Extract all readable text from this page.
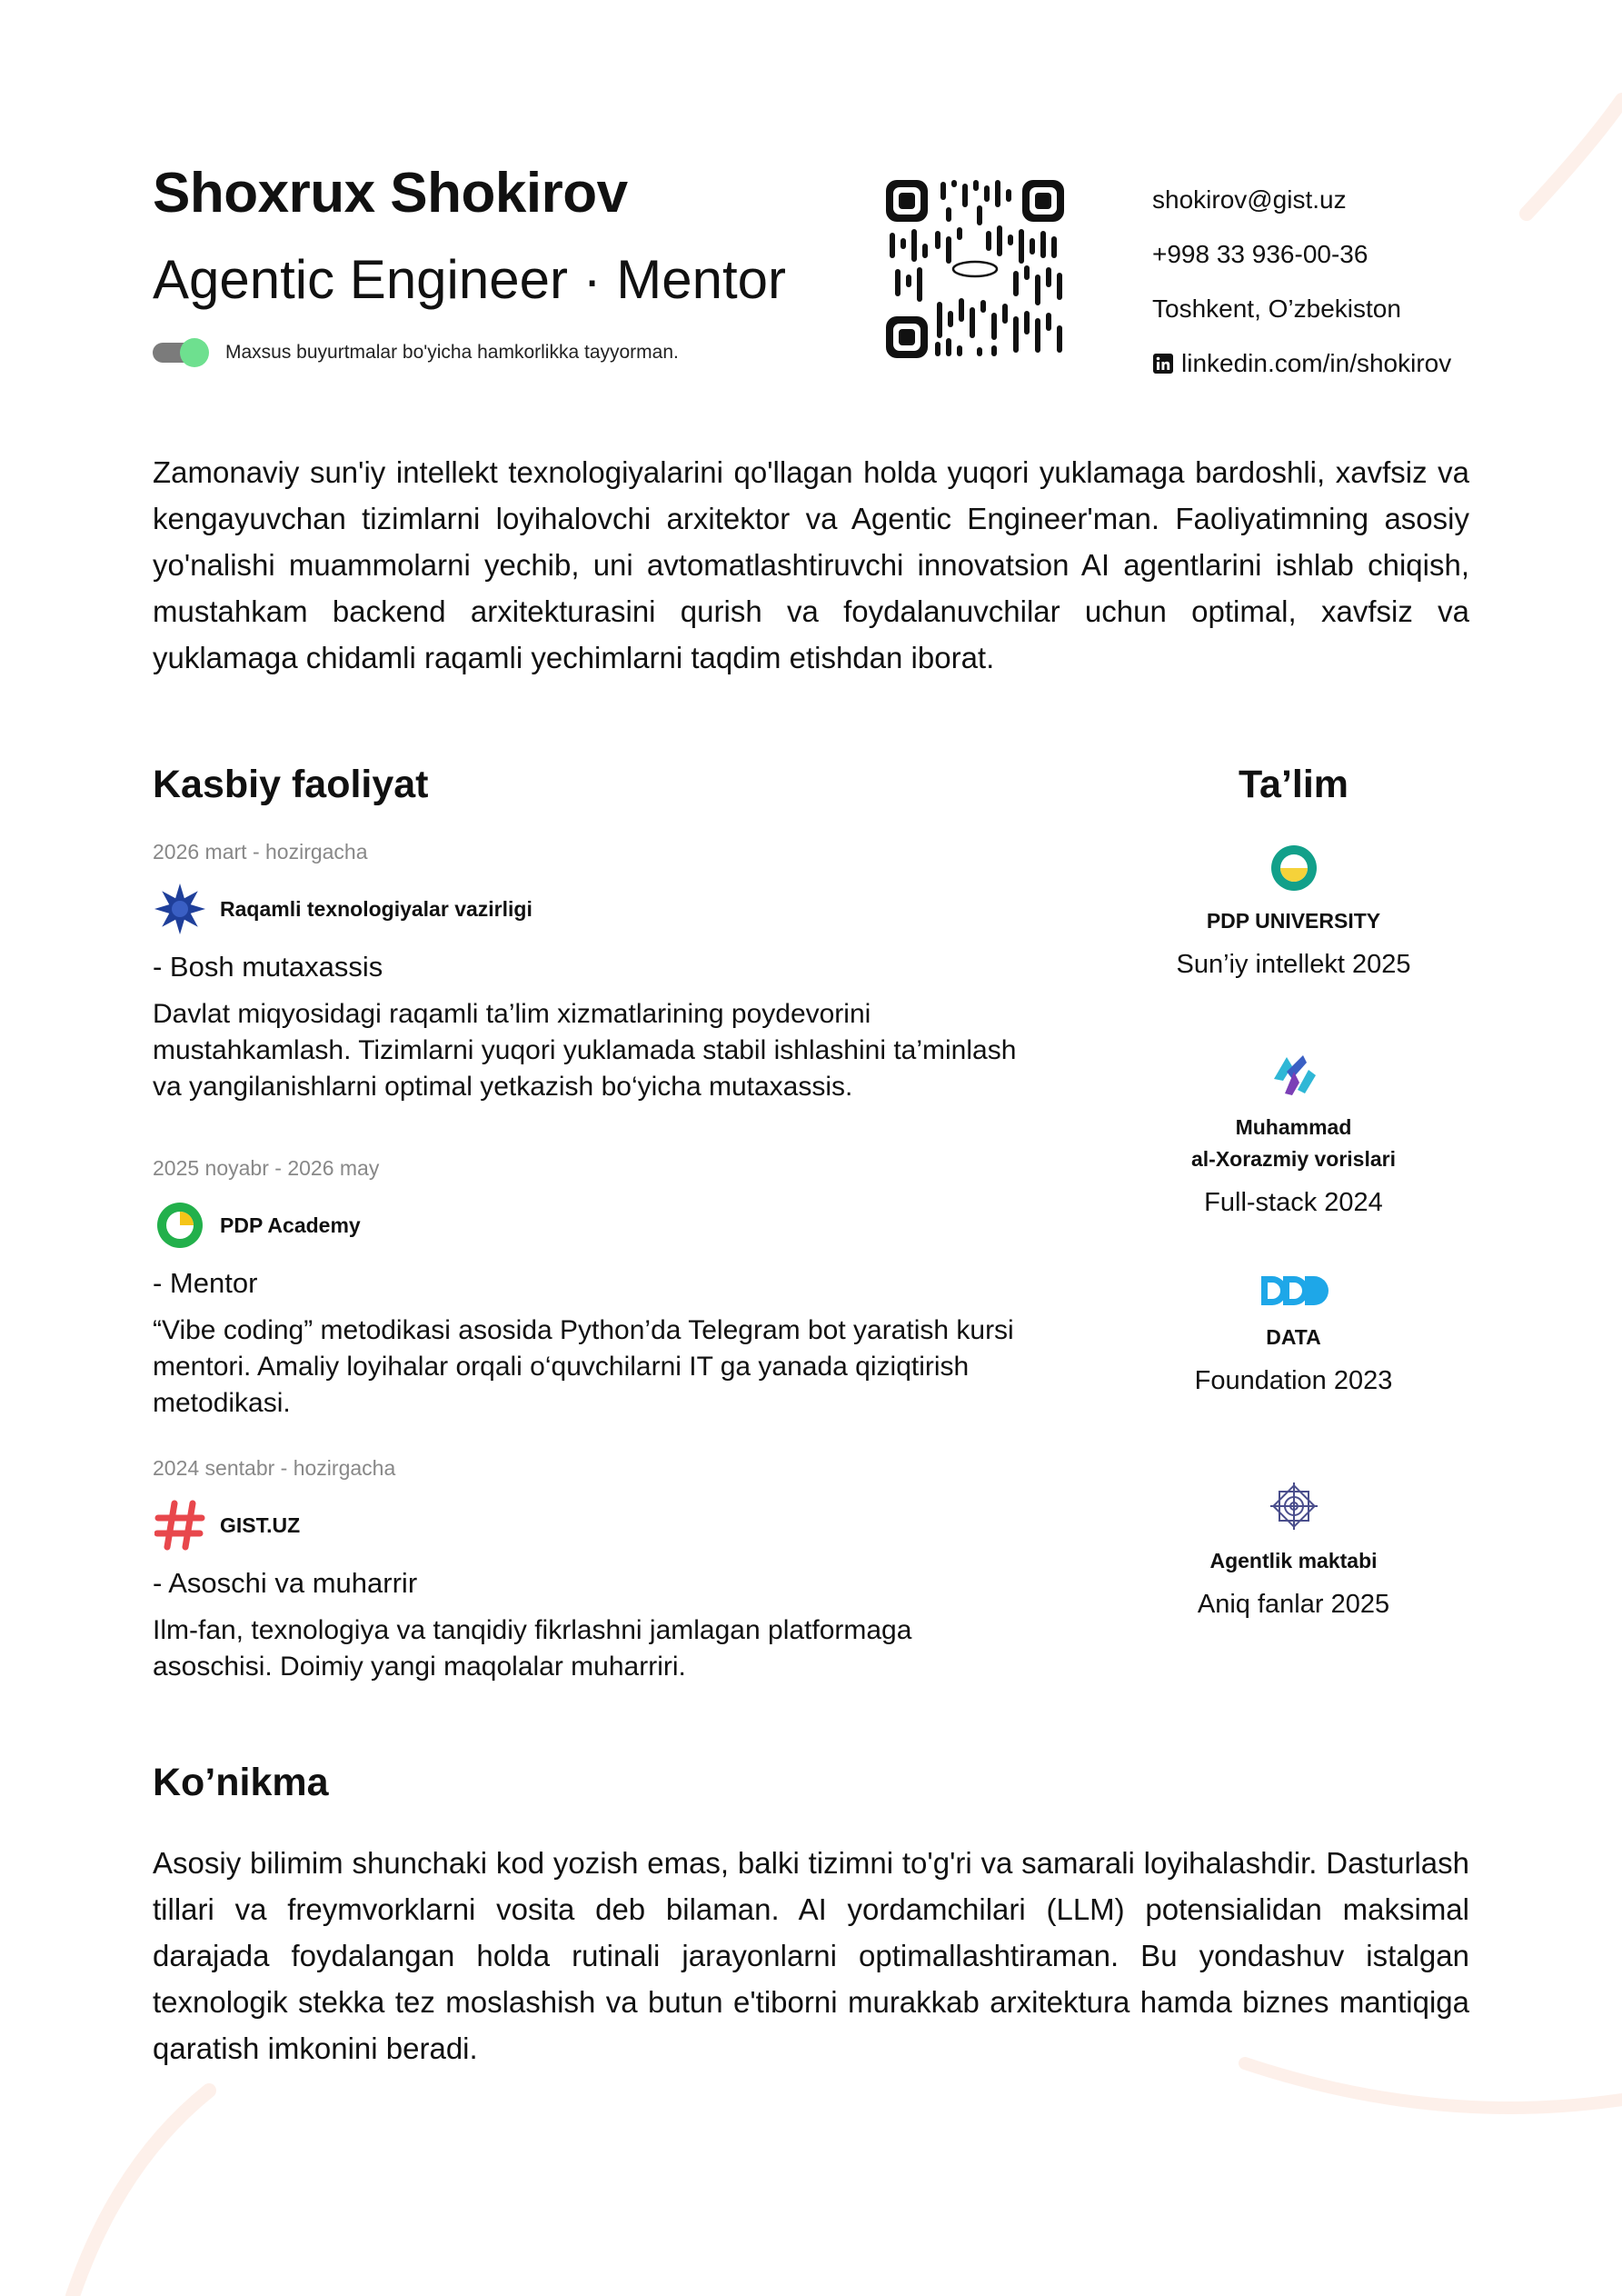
Shoxrux Shokirov
Agentic Engineer · Mentor
Maxsus buyurtmalar bo'yicha hamkorlikka tayyorman.
shokirov@gist.uz
+998 33 936-00-36
Toshkent, O’zbekiston
linkedin.com/in/shokirov

Zamonaviy sun'iy intellekt texnologiyalarini qo'llagan holda yuqori yuklamaga bardoshli, xavfsiz va kengayuvchan tizimlarni loyihalovchi arxitektor va Agentic Engineer'man. Faoliyatimning asosiy yo'nalishi muammolarni yechib, uni avtomatlashtiruvchi innovatsion AI agentlarini ishlab chiqish, mustahkam backend arxitekturasini qurish va foydalanuvchilar uchun optimal, xavfsiz va yuklamaga chidamli raqamli yechimlarni taqdim etishdan iborat.

Kasbiy faoliyat
2026 mart - hozirgacha
Raqamli texnologiyalar vazirligi
- Bosh mutaxassis
Davlat miqyosidagi raqamli ta’lim xizmatlarining poydevorini mustahkamlash. Tizimlarni yuqori yuklamada stabil ishlashini ta’minlash va yangilanishlarni optimal yetkazish bo‘yicha mutaxassis.
2025 noyabr - 2026 may
PDP Academy
- Mentor
“Vibe coding” metodikasi asosida Python’da Telegram bot yaratish kursi mentori. Amaliy loyihalar orqali o‘quvchilarni IT ga yanada qiziqtirish metodikasi.
2024 sentabr - hozirgacha
GIST.UZ
- Asoschi va muharrir
Ilm-fan, texnologiya va tanqidiy fikrlashni jamlagan platformaga asoschisi. Doimiy yangi maqolalar muharriri.
Ta’lim
PDP UNIVERSITY
Sun’iy intellekt 2025
Muhammad
al-Xorazmiy vorislari
Full-stack 2024
DATA
Foundation 2023
Agentlik maktabi
Aniq fanlar 2025
Ko’nikma

Asosiy bilimim shunchaki kod yozish emas, balki tizimni to'g'ri va samarali loyihalashdir. Dasturlash tillari va freymvorklarni vosita deb bilaman. AI yordamchilari (LLM) potensialidan maksimal darajada foydalangan holda rutinali jarayonlarni optimallashtiraman. Bu yondashuv istalgan texnologik stekka tez moslashish va butun e'tiborni murakkab arxitektura hamda biznes mantiqiga qaratish imkonini beradi.
